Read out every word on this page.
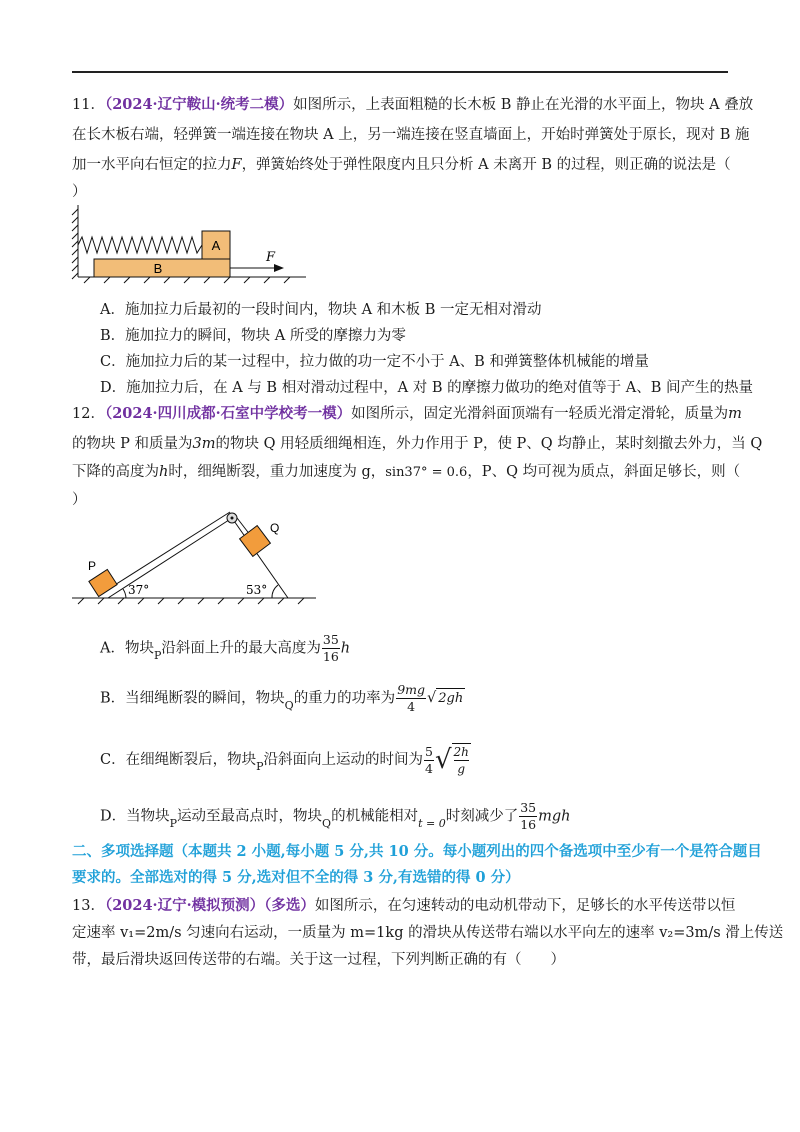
11．（2024·辽宁鞍山·统考二模）如图所示，上表面粗糙的长木板 B 静止在光滑的水平面上，物块 A 叠放
在长木板右端，轻弹簧一端连接在物块 A 上，另一端连接在竖直墙面上，开始时弹簧处于原长，现对 B 施
加一水平向右恒定的拉力F，弹簧始终处于弹性限度内且只分析 A 未离开 B 的过程，则正确的说法是（
）
A
B
F
A．施加拉力后最初的一段时间内，物块 A 和木板 B 一定无相对滑动
B．施加拉力的瞬间，物块 A 所受的摩擦力为零
C．施加拉力后的某一过程中，拉力做的功一定不小于 A、B 和弹簧整体机械能的增量
D．施加拉力后，在 A 与 B 相对滑动过程中，A 对 B 的摩擦力做功的绝对值等于 A、B 间产生的热量
12．（2024·四川成都·石室中学校考一模）如图所示，固定光滑斜面顶端有一轻质光滑定滑轮，质量为m
的物块 P 和质量为3m的物块 Q 用轻质细绳相连，外力作用于 P，使 P、Q 均静止，某时刻撤去外力，当 Q
下降的高度为h时，细绳断裂，重力加速度为 g，sin37° = 0.6，P、Q 均可视为质点，斜面足够长，则（
）
P
Q
37°	53°
A．物块$_P$沿斜面上升的最大高度为 $\frac{35}{16}$ h
B．当细绳断裂的瞬间，物块$_Q$的重力的功率为 $\frac{9mg}{4}$ √ 2gh
C．在细绳断裂后，物块$_P$沿斜面向上运动的时间为 $\frac{5}{4}$ √ $\frac{2h}{g}$
D．当物块$_P$运动至最高点时，物块$_Q$的机械能相对$_{t = 0}$时刻减少了 $\frac{35}{16}$ mgh
二、多项选择题（本题共 2 小题,每小题 5 分,共 10 分。每小题列出的四个备选项中至少有一个是符合题目
要求的。全部选对的得 5 分,选对但不全的得 3 分,有选错的得 0 分）
13．（2024·辽宁·模拟预测）（多选）如图所示，在匀速转动的电动机带动下，足够长的水平传送带以恒
定速率 v₁=2m/s 匀速向右运动，一质量为 m=1kg 的滑块从传送带右端以水平向左的速率 v₂=3m/s 滑上传送
带，最后滑块返回传送带的右端。关于这一过程，下列判断正确的有（　　）
